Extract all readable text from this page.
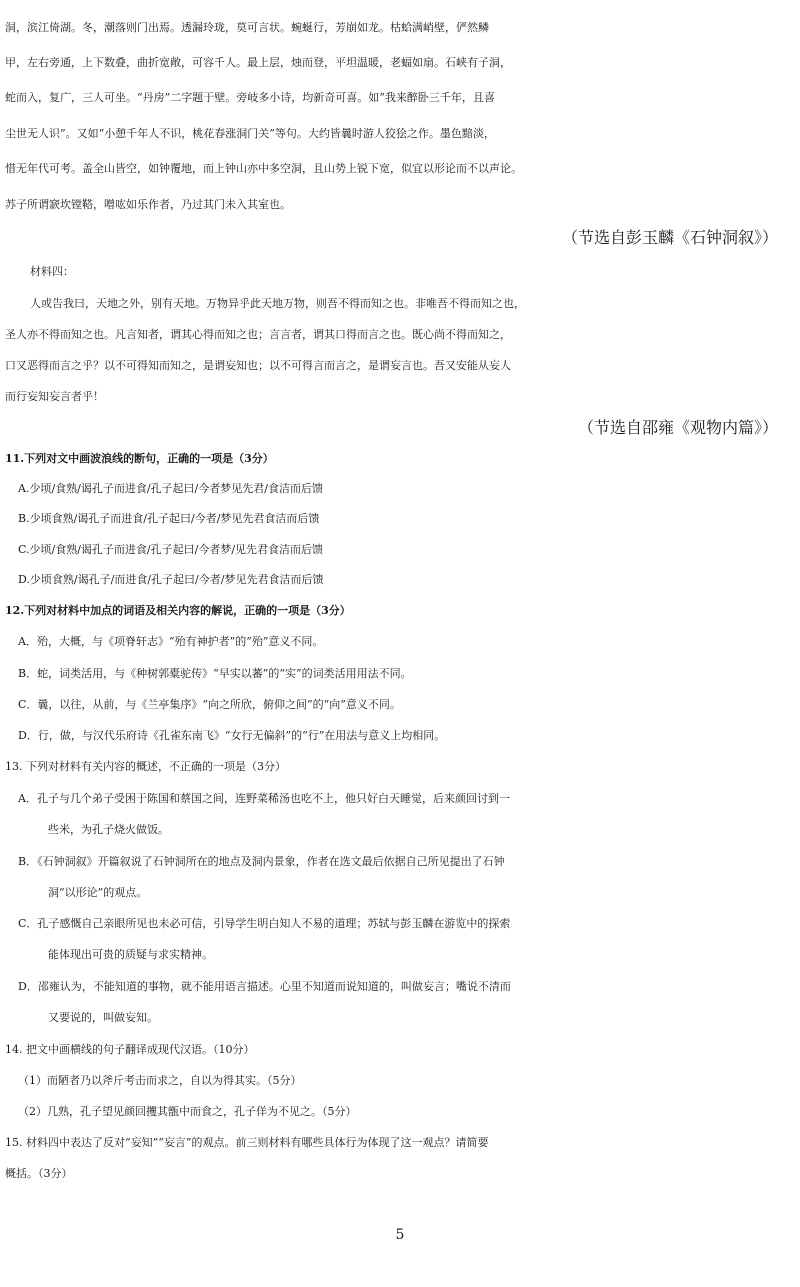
洞，滨江倚湖。冬，潮落则门出焉。透漏玲珑，莫可言状。蜿蜒行，芳崩如龙。枯蛤满峭壁，俨然鳞

甲，左右旁通，上下数叠，曲折宽敞，可容千人。最上层，烛而登，平坦温暖，老蝠如扇。石峡有子洞，

蛇而入，复广，三人可坐。“丹房”二字题于壁。旁岐多小诗，均新奇可喜。如“我来醉卧三千年，且喜

尘世无人识”。又如“小憩千年人不识，桃花春涨洞门关”等句。大约皆曩时游人狡狯之作。墨色黯淡，

惜无年代可考。盖全山皆空，如钟覆地，而上钟山亦中多空洞，且山势上锐下宽，似宜以形论而不以声论。

苏子所谓窾坎镗鞳，噌吰如乐作者，乃过其门未入其室也。

（节选自彭玉麟《石钟洞叙》）

材料四：

人或告我曰，天地之外，别有天地。万物异乎此天地万物，则吾不得而知之也。非唯吾不得而知之也，

圣人亦不得而知之也。凡言知者，谓其心得而知之也；言言者，谓其口得而言之也。既心尚不得而知之，

口又恶得而言之乎？以不可得知而知之，是谓妄知也；以不可得言而言之，是谓妄言也。吾又安能从妄人

而行妄知妄言者乎！

（节选自邵雍《观物内篇》）

11.下列对文中画波浪线的断句，正确的一项是（3分）

A.少顷/食熟/谒孔子而进食/孔子起曰/今者梦见先君/食洁而后馈

B.少顷食熟/谒孔子而进食/孔子起曰/今者/梦见先君食洁而后馈

C.少顷/食熟/谒孔子而进食/孔子起曰/今者梦/见先君食洁而后馈

D.少顷食熟/谒孔子/而进食/孔子起曰/今者/梦见先君食洁而后馈

12.下列对材料中加点的词语及相关内容的解说，正确的一项是（3分）

A．殆，大概，与《项脊轩志》“殆有神护者”的“殆”意义不同。

B．蛇，词类活用，与《种树郭橐驼传》“早实以蕃”的“实”的词类活用用法不同。

C．曩，以往，从前，与《兰亭集序》“向之所欣，俯仰之间”的“向”意义不同。

D．行，做，与汉代乐府诗《孔雀东南飞》“女行无偏斜”的“行”在用法与意义上均相同。

13. 下列对材料有关内容的概述，不正确的一项是（3分）

A．孔子与几个弟子受困于陈国和蔡国之间，连野菜稀汤也吃不上，他只好白天睡觉，后来颜回讨到一

些米，为孔子烧火做饭。

B．《石钟洞叙》开篇叙说了石钟洞所在的地点及洞内景象，作者在选文最后依据自己所见提出了石钟

洞“以形论”的观点。

C．孔子感慨自己亲眼所见也未必可信，引导学生明白知人不易的道理；苏轼与彭玉麟在游览中的探索

能体现出可贵的质疑与求实精神。

D．邵雍认为，不能知道的事物，就不能用语言描述。心里不知道而说知道的，叫做妄言；嘴说不清而

又要说的，叫做妄知。

14. 把文中画横线的句子翻译成现代汉语。（10分）

（1）而陋者乃以斧斤考击而求之，自以为得其实。（5分）

（2）几熟，孔子望见颜回攫其甑中而食之，孔子佯为不见之。（5分）

15. 材料四中表达了反对“妄知”“妄言”的观点。前三则材料有哪些具体行为体现了这一观点？请简要

概括。（3分）

5
